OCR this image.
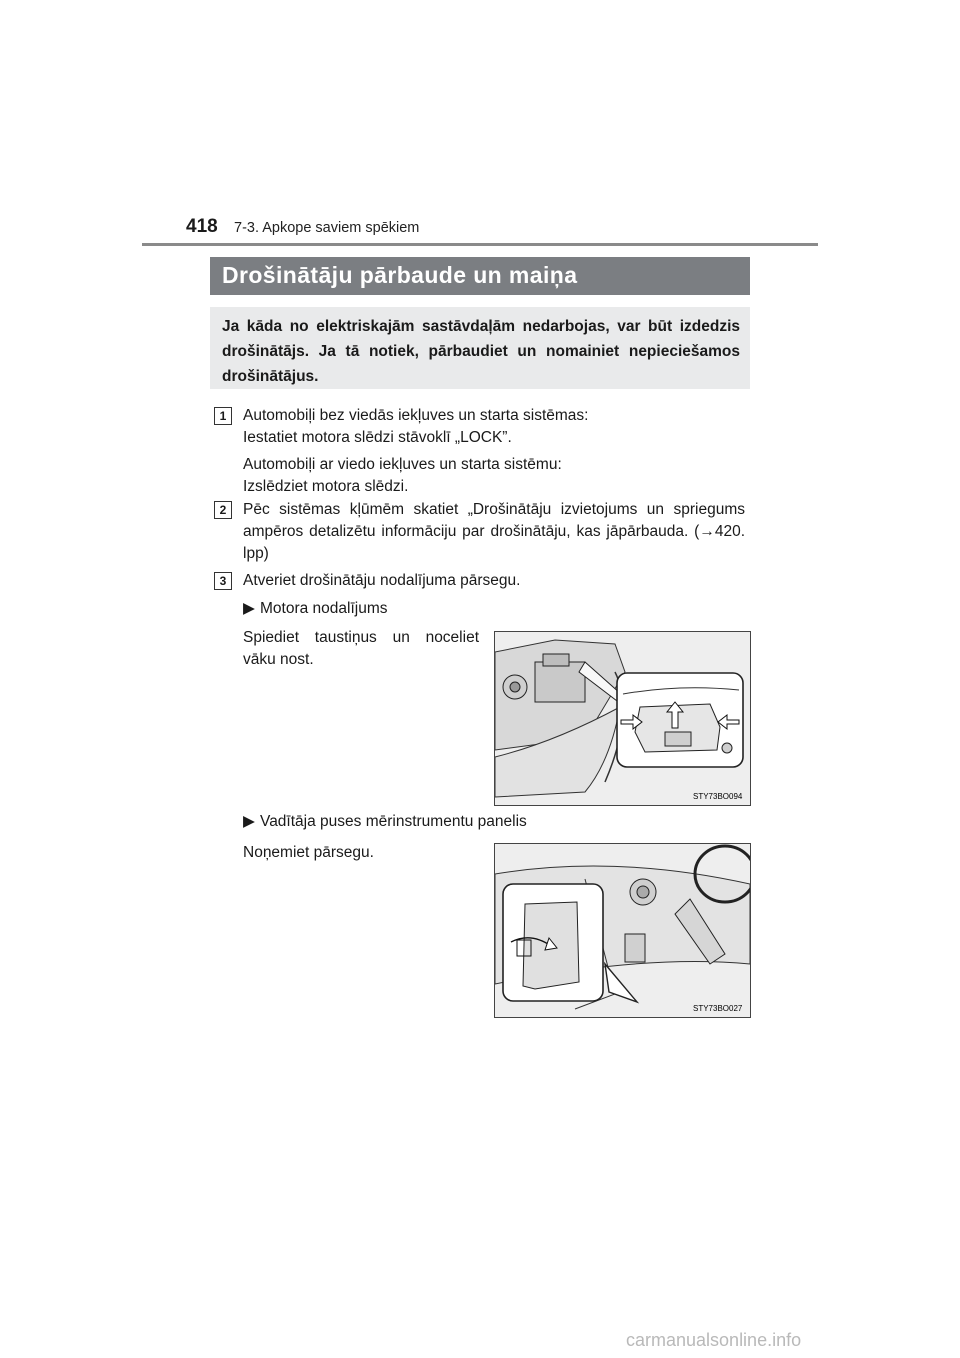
418 7-3. Apkope saviem spēkiem
Drošinātāju pārbaude un maiņa
Ja kāda no elektriskajām sastāvdaļām nedarbojas, var būt izdedzis drošinātājs. Ja tā notiek, pārbaudiet un nomainiet nepieciešamos drošinātājus.
1	Automobiļi bez viedās iekļuves un starta sistēmas:
Iestatiet motora slēdzi stāvoklī „LOCK”.
Automobiļi ar viedo iekļuves un starta sistēmu:
Izslēdziet motora slēdzi.
2	Pēc sistēmas kļūmēm skatiet „Drošinātāju izvietojums un spriegums ampēros detalizētu informāciju par drošinātāju, kas jāpārbauda. (→420. lpp)
3	Atveriet drošinātāju nodalījuma pārsegu.
▶ Motora nodalījums
Spiediet taustiņus un noceliet vāku nost.
STY73BO094
▶ Vadītāja puses mērinstrumentu panelis
Noņemiet pārsegu.
STY73BO027
carmanualsonline.info
